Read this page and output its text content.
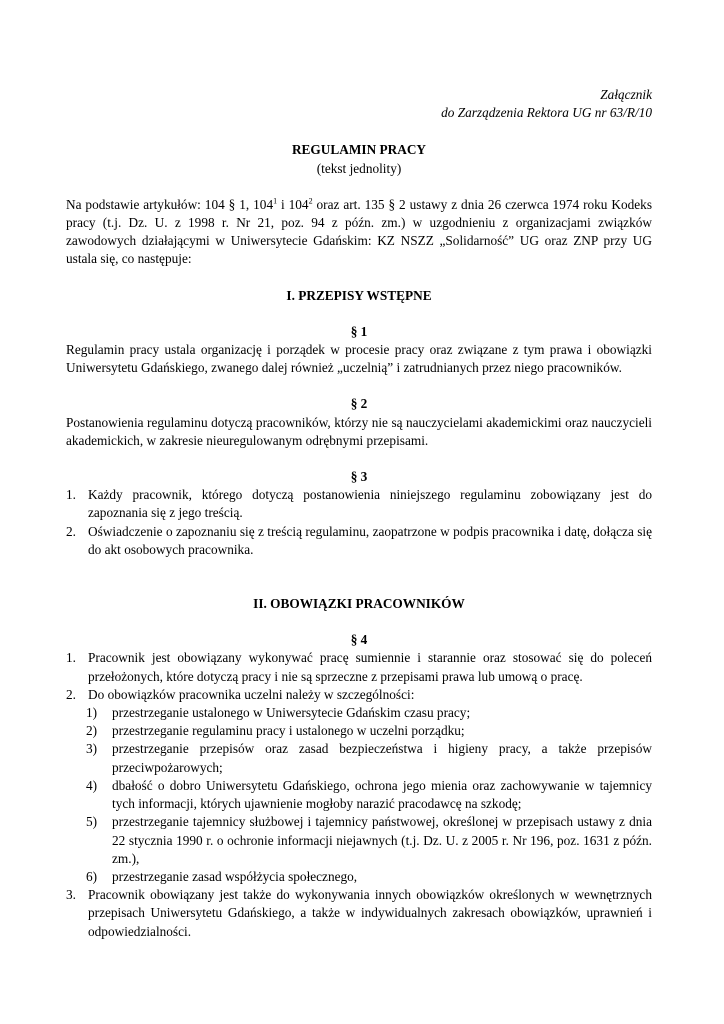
Załącznik
do Zarządzenia Rektora UG nr 63/R/10
REGULAMIN PRACY
(tekst jednolity)

Na podstawie artykułów: 104 § 1, $104^1$ i $104^2$ oraz art. 135 § 2 ustawy z dnia 26 czerwca 1974 roku Kodeks pracy (t.j. Dz. U. z 1998 r. Nr 21, poz. 94 z późn. zm.) w uzgodnieniu z organizacjami związków zawodowych działającymi w Uniwersytecie Gdańskim: KZ NSZZ „Solidarność” UG oraz ZNP przy UG ustala się, co następuje:

I. PRZEPISY WSTĘPNE
§ 1

Regulamin pracy ustala organizację i porządek w procesie pracy oraz związane z tym prawa i obowiązki Uniwersytetu Gdańskiego, zwanego dalej również „uczelnią” i zatrudnianych przez niego pracowników.

§ 2

Postanowienia regulaminu dotyczą pracowników, którzy nie są nauczycielami akademickimi oraz nauczycieli akademickich, w zakresie nieuregulowanym odrębnymi przepisami.

§ 3
1. Każdy pracownik, którego dotyczą postanowienia niniejszego regulaminu zobowiązany jest do zapoznania się z jego treścią.
2. Oświadczenie o zapoznaniu się z treścią regulaminu, zaopatrzone w podpis pracownika i datę, dołącza się do akt osobowych pracownika.
II. OBOWIĄZKI PRACOWNIKÓW
§ 4
1. Pracownik jest obowiązany wykonywać pracę sumiennie i starannie oraz stosować się do poleceń przełożonych, które dotyczą pracy i nie są sprzeczne z przepisami prawa lub umową o pracę.
2. Do obowiązków pracownika uczelni należy w szczególności:
1) przestrzeganie ustalonego w Uniwersytecie Gdańskim czasu pracy;
2) przestrzeganie regulaminu pracy i ustalonego w uczelni porządku;
3) przestrzeganie przepisów oraz zasad bezpieczeństwa i higieny pracy, a także przepisów przeciwpożarowych;
4) dbałość o dobro Uniwersytetu Gdańskiego, ochrona jego mienia oraz zachowywanie w tajemnicy tych informacji, których ujawnienie mogłoby narazić pracodawcę na szkodę;
5) przestrzeganie tajemnicy służbowej i tajemnicy państwowej, określonej w przepisach ustawy z dnia 22 stycznia 1990 r. o ochronie informacji niejawnych (t.j. Dz. U. z 2005 r. Nr 196, poz. 1631 z późn. zm.),
6) przestrzeganie zasad współżycia społecznego,
3. Pracownik obowiązany jest także do wykonywania innych obowiązków określonych w wewnętrznych przepisach Uniwersytetu Gdańskiego, a także w indywidualnych zakresach obowiązków, uprawnień i odpowiedzialności.
